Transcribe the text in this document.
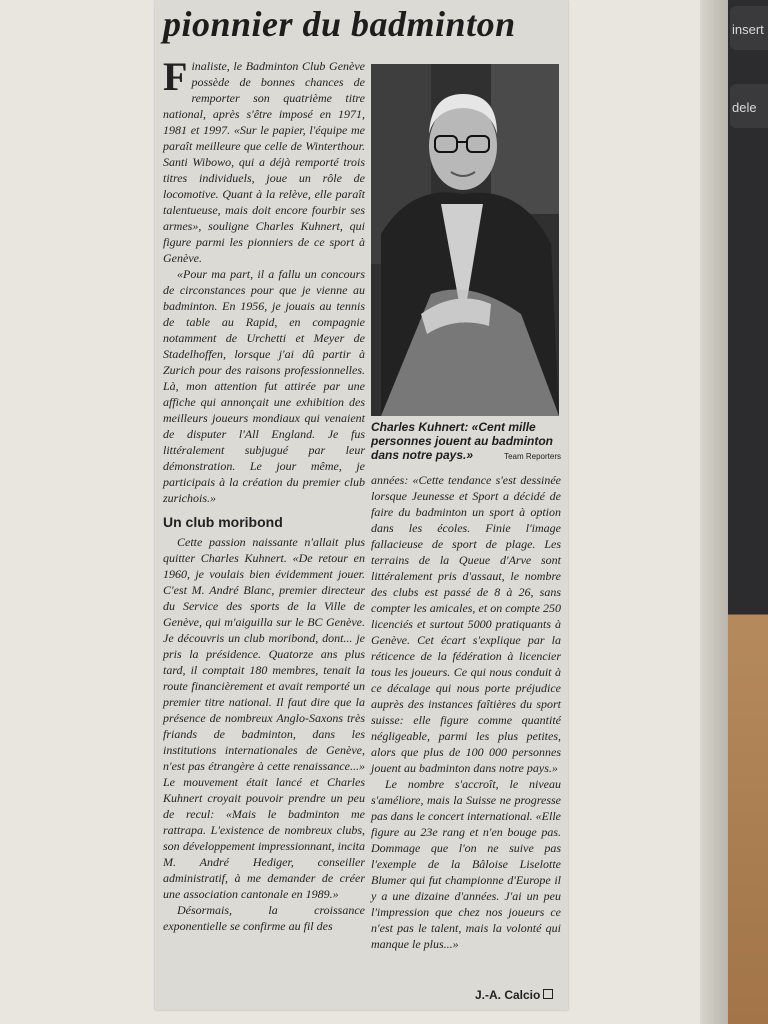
insert
dele
pionnier du badminton

Finaliste, le Badminton Club Genève possède de bonnes chances de remporter son quatrième titre national, après s'être imposé en 1971, 1981 et 1997. «Sur le papier, l'équipe me paraît meilleure que celle de Winterthour. Santi Wibowo, qui a déjà remporté trois titres individuels, joue un rôle de locomotive. Quant à la relève, elle paraît talentueuse, mais doit encore fourbir ses armes», souligne Charles Kuhnert, qui figure parmi les pionniers de ce sport à Genève.

«Pour ma part, il a fallu un concours de circonstances pour que je vienne au badminton. En 1956, je jouais au tennis de table au Rapid, en compagnie notamment de Urchetti et Meyer de Stadelhoffen, lorsque j'ai dû partir à Zurich pour des raisons professionnelles. Là, mon attention fut attirée par une affiche qui annonçait une exhibition des meilleurs joueurs mondiaux qui venaient de disputer l'All England. Je fus littéralement subjugué par leur démonstration. Le jour même, je participais à la création du premier club zurichois.»

Un club moribond

Cette passion naissante n'allait plus quitter Charles Kuhnert. «De retour en 1960, je voulais bien évidemment jouer. C'est M. André Blanc, premier directeur du Service des sports de la Ville de Genève, qui m'aiguilla sur le BC Genève. Je découvris un club moribond, dont... je pris la présidence. Quatorze ans plus tard, il comptait 180 membres, tenait la route financièrement et avait remporté un premier titre national. Il faut dire que la présence de nombreux Anglo-Saxons très friands de badminton, dans les institutions internationales de Genève, n'est pas étrangère à cette renaissance...» Le mouvement était lancé et Charles Kuhnert croyait pouvoir prendre un peu de recul: «Mais le badminton me rattrapa. L'existence de nombreux clubs, son développement impressionnant, incita M. André Hediger, conseiller administratif, à me demander de créer une association cantonale en 1989.»

Désormais, la croissance exponentielle se confirme au fil des

Charles Kuhnert: «Cent mille personnes jouent au badminton dans notre pays.»	Team Reporters

années: «Cette tendance s'est dessinée lorsque Jeunesse et Sport a décidé de faire du badminton un sport à option dans les écoles. Finie l'image fallacieuse de sport de plage. Les terrains de la Queue d'Arve sont littéralement pris d'assaut, le nombre des clubs est passé de 8 à 26, sans compter les amicales, et on compte 250 licenciés et surtout 5000 pratiquants à Genève. Cet écart s'explique par la réticence de la fédération à licencier tous les joueurs. Ce qui nous conduit à ce décalage qui nous porte préjudice auprès des instances faîtières du sport suisse: elle figure comme quantité négligeable, parmi les plus petites, alors que plus de 100 000 personnes jouent au badminton dans notre pays.»

Le nombre s'accroît, le niveau s'améliore, mais la Suisse ne progresse pas dans le concert international. «Elle figure au 23e rang et n'en bouge pas. Dommage que l'on ne suive pas l'exemple de la Bâloise Liselotte Blumer qui fut championne d'Europe il y a une dizaine d'années. J'ai un peu l'impression que chez nos joueurs ce n'est pas le talent, mais la volonté qui manque le plus...»

J.-A. Calcio
